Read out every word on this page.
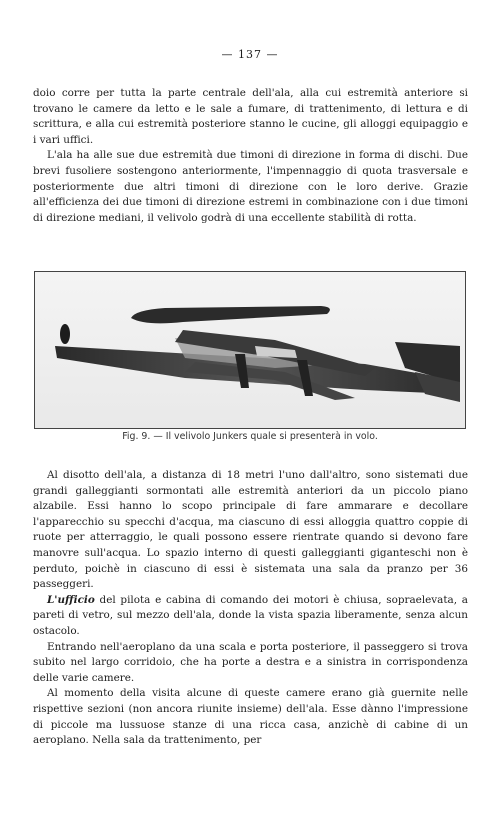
— 137 —

doio corre per tutta la parte centrale dell'ala, alla cui estremità anteriore si trovano le camere da letto e le sale a fumare, di trattenimento, di lettura e di scrittura, e alla cui estremità posteriore stanno le cucine, gli alloggi equipaggio e i vari uffici.

L'ala ha alle sue due estremità due timoni di direzione in forma di dischi. Due brevi fusoliere sostengono anteriormente, l'impennaggio di quota trasversale e posteriormente due altri timoni di direzione con le loro derive. Grazie all'efficienza dei due timoni di direzione estremi in combinazione con i due timoni di direzione mediani, il velivolo godrà di una eccellente stabilità di rotta.

Fig. 9. — Il velivolo Junkers quale si presenterà in volo.

Al disotto dell'ala, a distanza di 18 metri l'uno dall'altro, sono sistemati due grandi galleggianti sormontati alle estremità anteriori da un piccolo piano alzabile. Essi hanno lo scopo principale di fare ammarare e decollare l'apparecchio su specchi d'acqua, ma ciascuno di essi alloggia quattro coppie di ruote per atterraggio, le quali possono essere rientrate quando si devono fare manovre sull'acqua. Lo spazio interno di questi galleggianti giganteschi non è perduto, poichè in ciascuno di essi è sistemata una sala da pranzo per 36 passeggeri.

L'ufficio del pilota e cabina di comando dei motori è chiusa, sopraelevata, a pareti di vetro, sul mezzo dell'ala, donde la vista spazia liberamente, senza alcun ostacolo.

Entrando nell'aeroplano da una scala e porta posteriore, il passeggero si trova subito nel largo corridoio, che ha porte a destra e a sinistra in corrispondenza delle varie camere.

Al momento della visita alcune di queste camere erano già guernite nelle rispettive sezioni (non ancora riunite insieme) dell'ala. Esse dànno l'impressione di piccole ma lussuose stanze di una ricca casa, anzichè di cabine di un aeroplano. Nella sala da trattenimento, per
